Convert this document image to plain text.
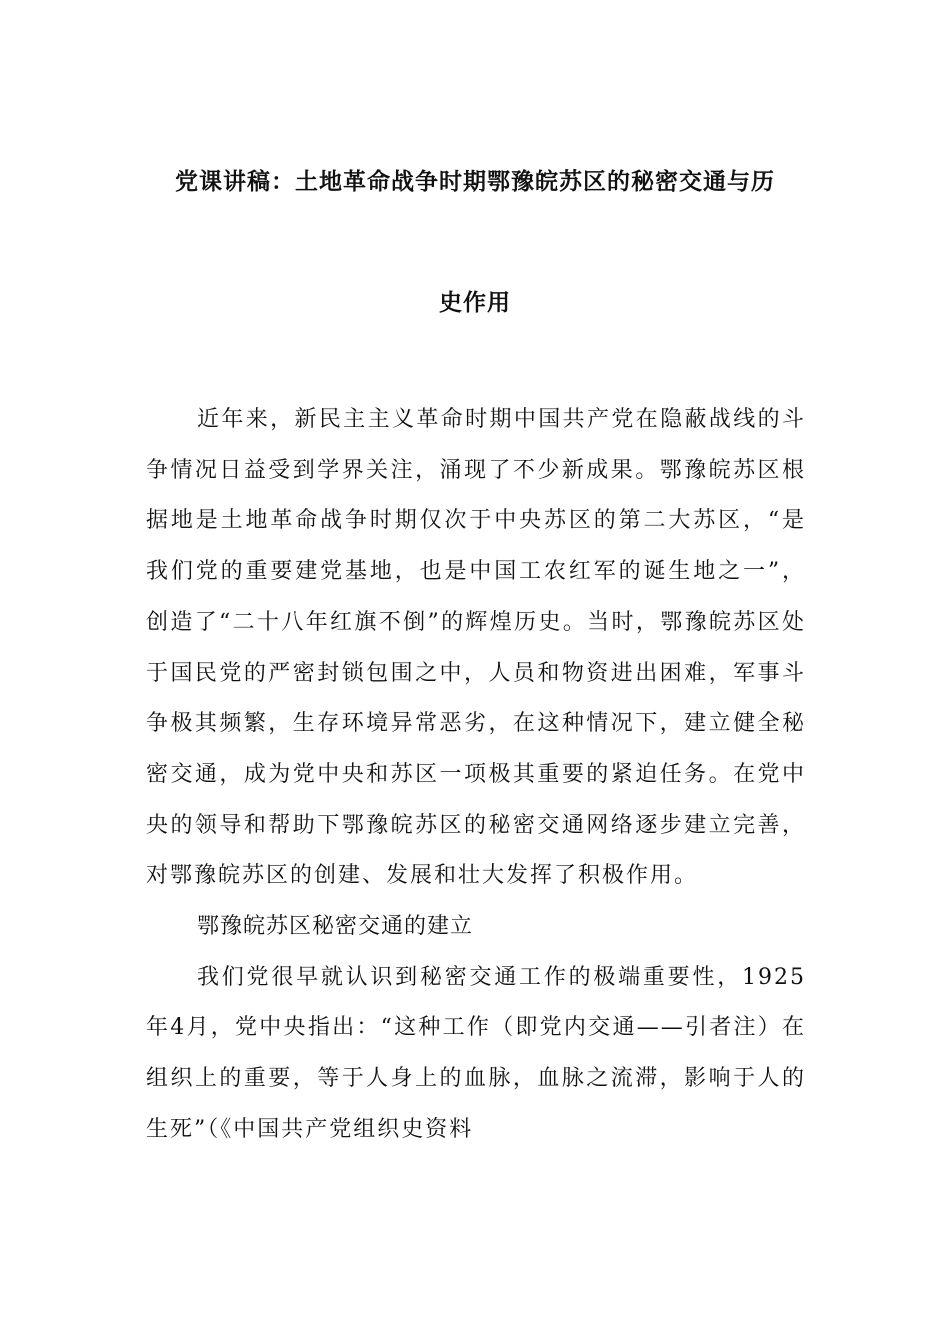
党课讲稿：土地革命战争时期鄂豫皖苏区的秘密交通与历
史作用

近年来，新民主主义革命时期中国共产党在隐蔽战线的斗争情况日益受到学界关注，涌现了不少新成果。鄂豫皖苏区根据地是土地革命战争时期仅次于中央苏区的第二大苏区，“是我们党的重要建党基地，也是中国工农红军的诞生地之一”，创造了“二十八年红旗不倒”的辉煌历史。当时，鄂豫皖苏区处于国民党的严密封锁包围之中，人员和物资进出困难，军事斗争极其频繁，生存环境异常恶劣，在这种情况下，建立健全秘密交通，成为党中央和苏区一项极其重要的紧迫任务。在党中央的领导和帮助下鄂豫皖苏区的秘密交通网络逐步建立完善，对鄂豫皖苏区的创建、发展和壮大发挥了积极作用。

鄂豫皖苏区秘密交通的建立

我们党很早就认识到秘密交通工作的极端重要性，1925年4月，党中央指出：“这种工作（即党内交通——引者注）在组织上的重要，等于人身上的血脉，血脉之流滞，影响于人的生死”（《中国共产党组织史资料
